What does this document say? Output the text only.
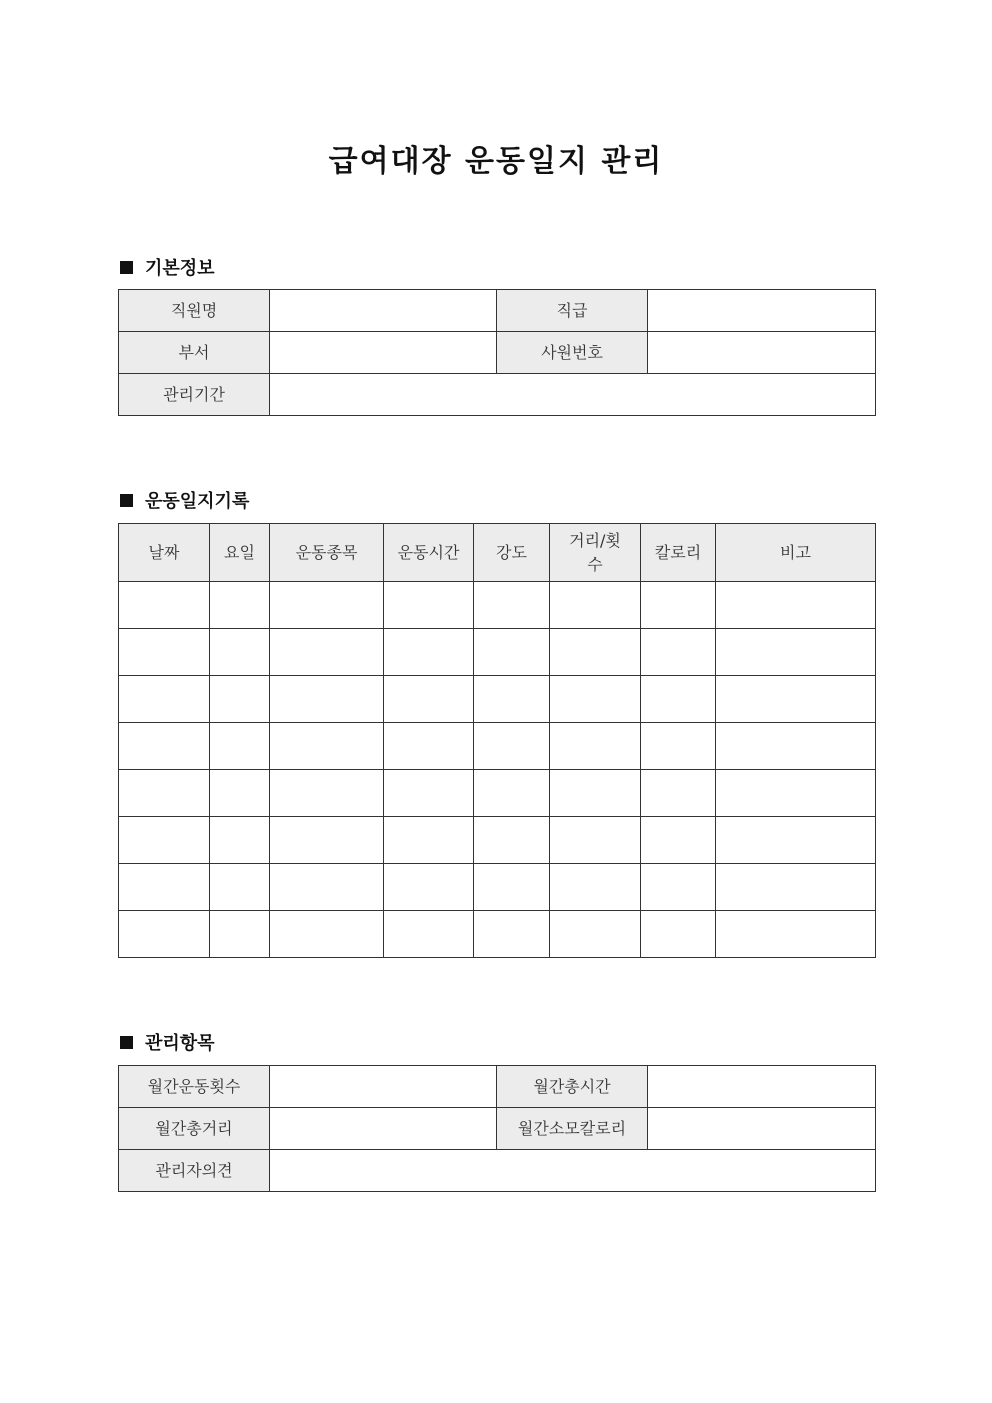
급여대장 운동일지 관리
기본정보
직원명		직급	
부서		사원번호	
관리기간			
운동일지기록
날짜	요일	운동종목	운동시간	강도	거리/횟수	칼로리	비고

관리항목
월간운동횟수		월간총시간	
월간총거리		월간소모칼로리	
관리자의견			
